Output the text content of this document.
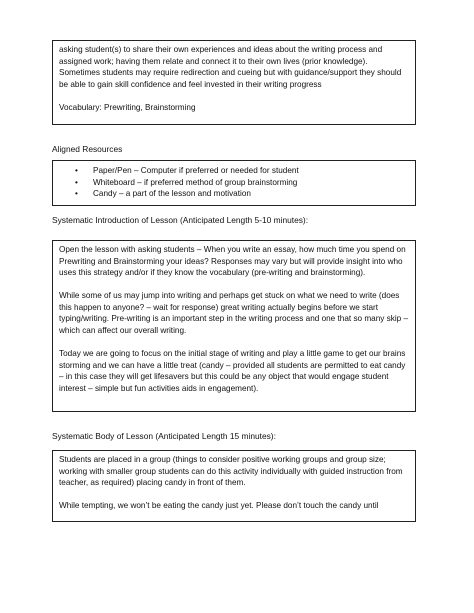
asking student(s) to share their own experiences and ideas about the writing process and assigned work; having them relate and connect it to their own lives (prior knowledge). Sometimes students may require redirection and cueing but with guidance/support they should be able to gain skill confidence and feel invested in their writing progress

Vocabulary: Prewriting, Brainstorming

Aligned Resources
• Paper/Pen – Computer if preferred or needed for student
• Whiteboard – if preferred method of group brainstorming
• Candy – a part of the lesson and motivation
Systematic Introduction of Lesson (Anticipated Length 5-10 minutes):

Open the lesson with asking students – When you write an essay, how much time you spend on Prewriting and Brainstorming your ideas? Responses may vary but will provide insight into who uses this strategy and/or if they know the vocabulary (pre-writing and brainstorming).

While some of us may jump into writing and perhaps get stuck on what we need to write (does this happen to anyone? – wait for response) great writing actually begins before we start typing/writing. Pre-writing is an important step in the writing process and one that so many skip – which can affect our overall writing.

Today we are going to focus on the initial stage of writing and play a little game to get our brains storming and we can have a little treat (candy – provided all students are permitted to eat candy – in this case they will get lifesavers but this could be any object that would engage student interest – simple but fun activities aids in engagement).

Systematic Body of Lesson (Anticipated Length 15 minutes):

Students are placed in a group (things to consider positive working groups and group size; working with smaller group students can do this activity individually with guided instruction from teacher, as required) placing candy in front of them.

While tempting, we won’t be eating the candy just yet. Please don’t touch the candy until
